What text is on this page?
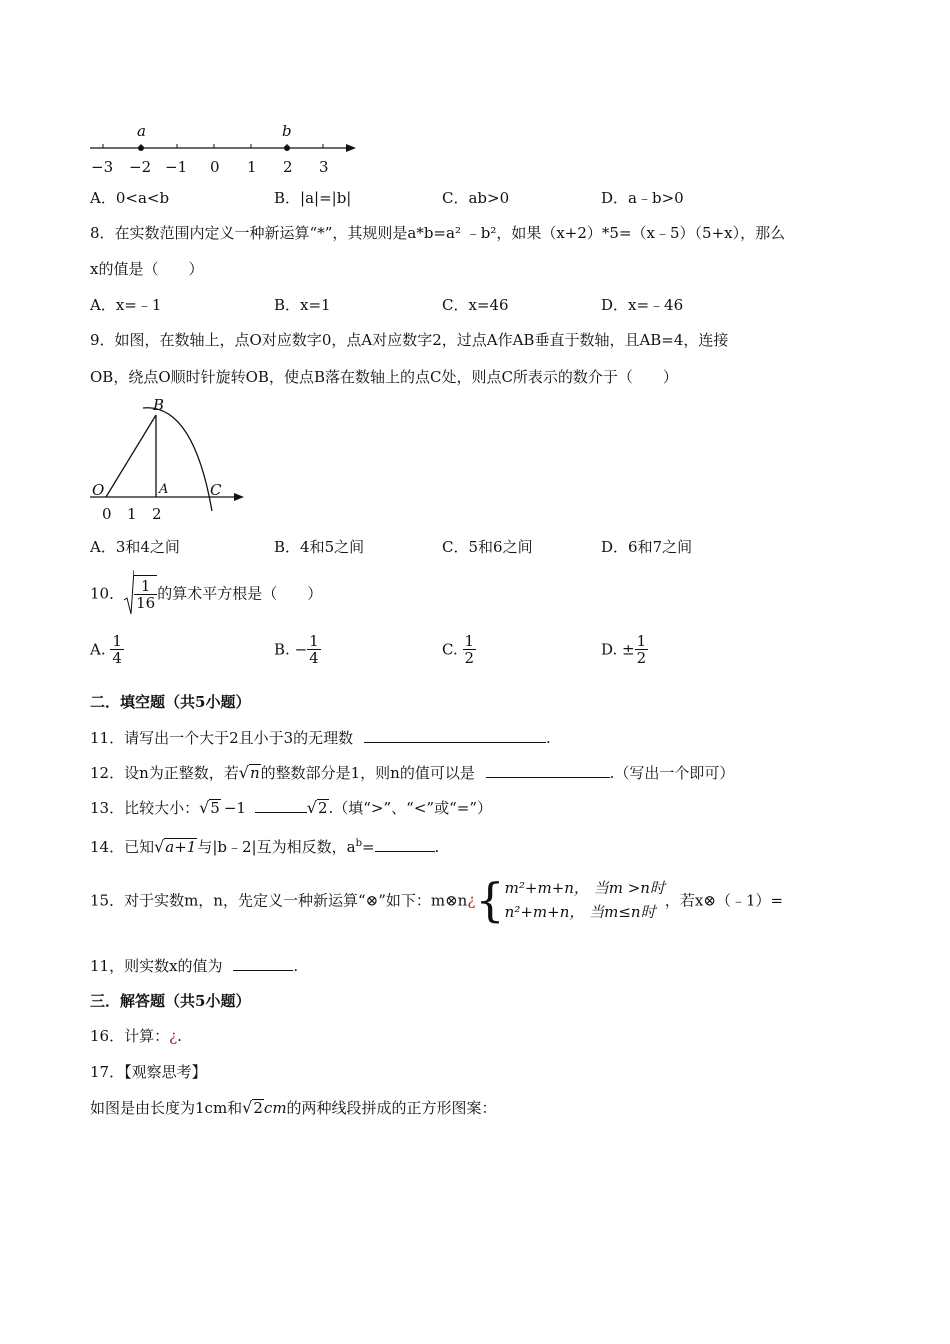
a	b
−3 −2 −1 0 1 2 3
A．0<a<b	B．|a|=|b|	C．ab>0	D．a﹣b>0
8．在实数范围内定义一种新运算“*”，其规则是a*b=a² ﹣b²，如果（x+2）*5=（x﹣5）（5+x），那么
x的值是（　　）
A．x=﹣1	B．x=1	C．x=46	D．x=﹣46
9．如图，在数轴上，点O对应数字0，点A对应数字2，过点A作AB垂直于数轴，且AB=4，连接
OB，绕点O顺时针旋转OB，使点B落在数轴上的点C处，则点C所表示的数介于（　　）
B
O	A	C
0 1 2
A．3和4之间	B．4和5之间	C．5和6之间	D．6和7之间
10． $\frac{1}{16}$ 的算术平方根是（　　）
A. $\frac{1}{4}$	B. − $\frac{1}{4}$	C. $\frac{1}{2}$	D. ± $\frac{1}{2}$
二．填空题（共5小题）
11．请写出一个大于2且小于3的无理数	.
12．设n为正整数，若√n的整数部分是1，则n的值可以是	.（写出一个即可）
13．比较大小：√5 −1	√2.（填“>”、“<”或“=”）
14．已知√a+1与|b﹣2|互为相反数，$a^b=$	.
15．对于实数m，n，先定义一种新运算“⊗”如下：m⊗n¿{ m²+m+n， 当m >n时
n²+m+n， 当m≤n时
，若x⊗（﹣1）=
11，则实数x的值为	.
三．解答题（共5小题）
16．计算：¿.
17．【观察思考】
如图是由长度为1cm和√2cm的两种线段拼成的正方形图案：
